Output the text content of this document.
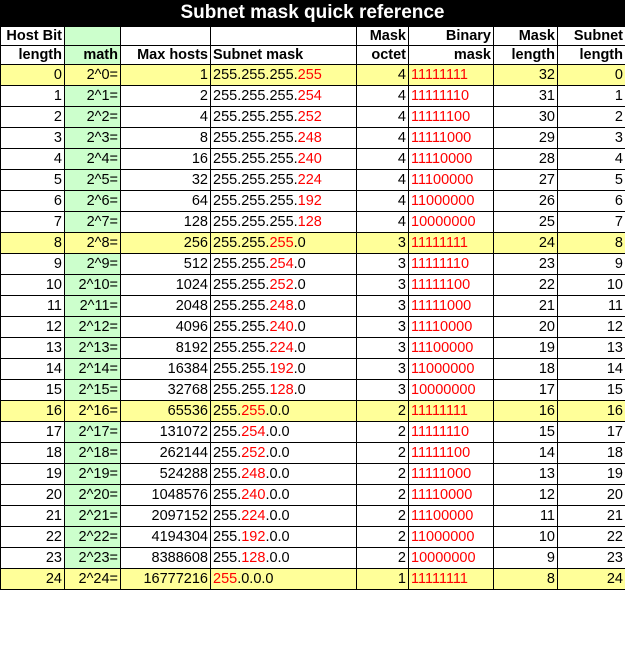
Subnet mask quick reference
Host Bit				Mask	Binary	Mask	Subnet
length	math	Max hosts	Subnet mask	octet	mask	length	length
0	2^0=	1	255.255.255.255	4	11111111	32	0
1	2^1=	2	255.255.255.254	4	11111110	31	1
2	2^2=	4	255.255.255.252	4	11111100	30	2
3	2^3=	8	255.255.255.248	4	11111000	29	3
4	2^4=	16	255.255.255.240	4	11110000	28	4
5	2^5=	32	255.255.255.224	4	11100000	27	5
6	2^6=	64	255.255.255.192	4	11000000	26	6
7	2^7=	128	255.255.255.128	4	10000000	25	7
8	2^8=	256	255.255.255.0	3	11111111	24	8
9	2^9=	512	255.255.254.0	3	11111110	23	9
10	2^10=	1024	255.255.252.0	3	11111100	22	10
11	2^11=	2048	255.255.248.0	3	11111000	21	11
12	2^12=	4096	255.255.240.0	3	11110000	20	12
13	2^13=	8192	255.255.224.0	3	11100000	19	13
14	2^14=	16384	255.255.192.0	3	11000000	18	14
15	2^15=	32768	255.255.128.0	3	10000000	17	15
16	2^16=	65536	255.255.0.0	2	11111111	16	16
17	2^17=	131072	255.254.0.0	2	11111110	15	17
18	2^18=	262144	255.252.0.0	2	11111100	14	18
19	2^19=	524288	255.248.0.0	2	11111000	13	19
20	2^20=	1048576	255.240.0.0	2	11110000	12	20
21	2^21=	2097152	255.224.0.0	2	11100000	11	21
22	2^22=	4194304	255.192.0.0	2	11000000	10	22
23	2^23=	8388608	255.128.0.0	2	10000000	9	23
24	2^24=	16777216	255.0.0.0	1	11111111	8	24
